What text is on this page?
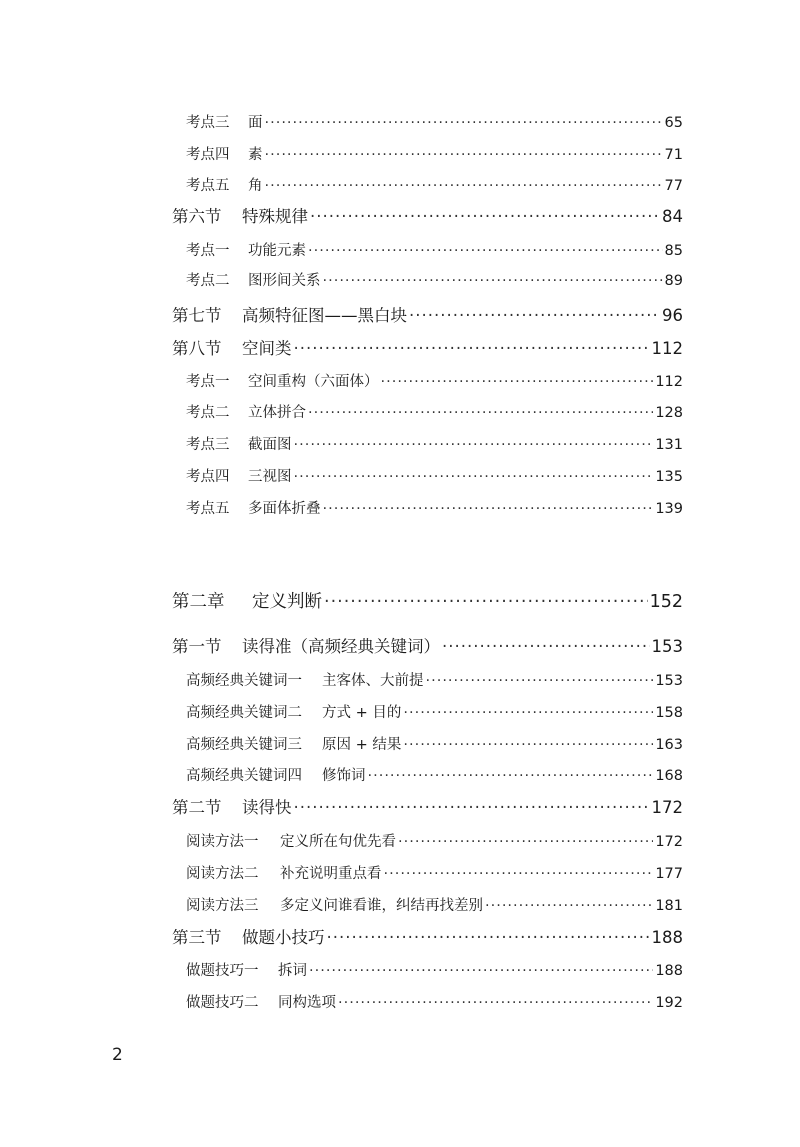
考点三	面 ·····	65
考点四	素 ·····	71
考点五	角 ·····	77
第六节	特殊规律 ·····	84
考点一	功能元素 ·····	85
考点二	图形间关系 ·····	89
第七节	高频特征图——黑白块 ·····	96
第八节	空间类 ·····	112
考点一	空间重构（六面体） ·····	112
考点二	立体拼合 ·····	128
考点三	截面图 ·····	131
考点四	三视图 ·····	135
考点五	多面体折叠 ·····	139
第二章	定义判断 ·····	152
第一节	读得准（高频经典关键词） ·····	153
高频经典关键词一	主客体、大前提 ·····	153
高频经典关键词二	方式 + 目的 ·····	158
高频经典关键词三	原因 + 结果 ·····	163
高频经典关键词四	修饰词 ·····	168
第二节	读得快 ·····	172
阅读方法一	定义所在句优先看 ·····	172
阅读方法二	补充说明重点看 ·····	177
阅读方法三	多定义问谁看谁，纠结再找差别 ·····	181
第三节	做题小技巧 ·····	188
做题技巧一	拆词 ·····	188
做题技巧二	同构选项 ·····	192
2
